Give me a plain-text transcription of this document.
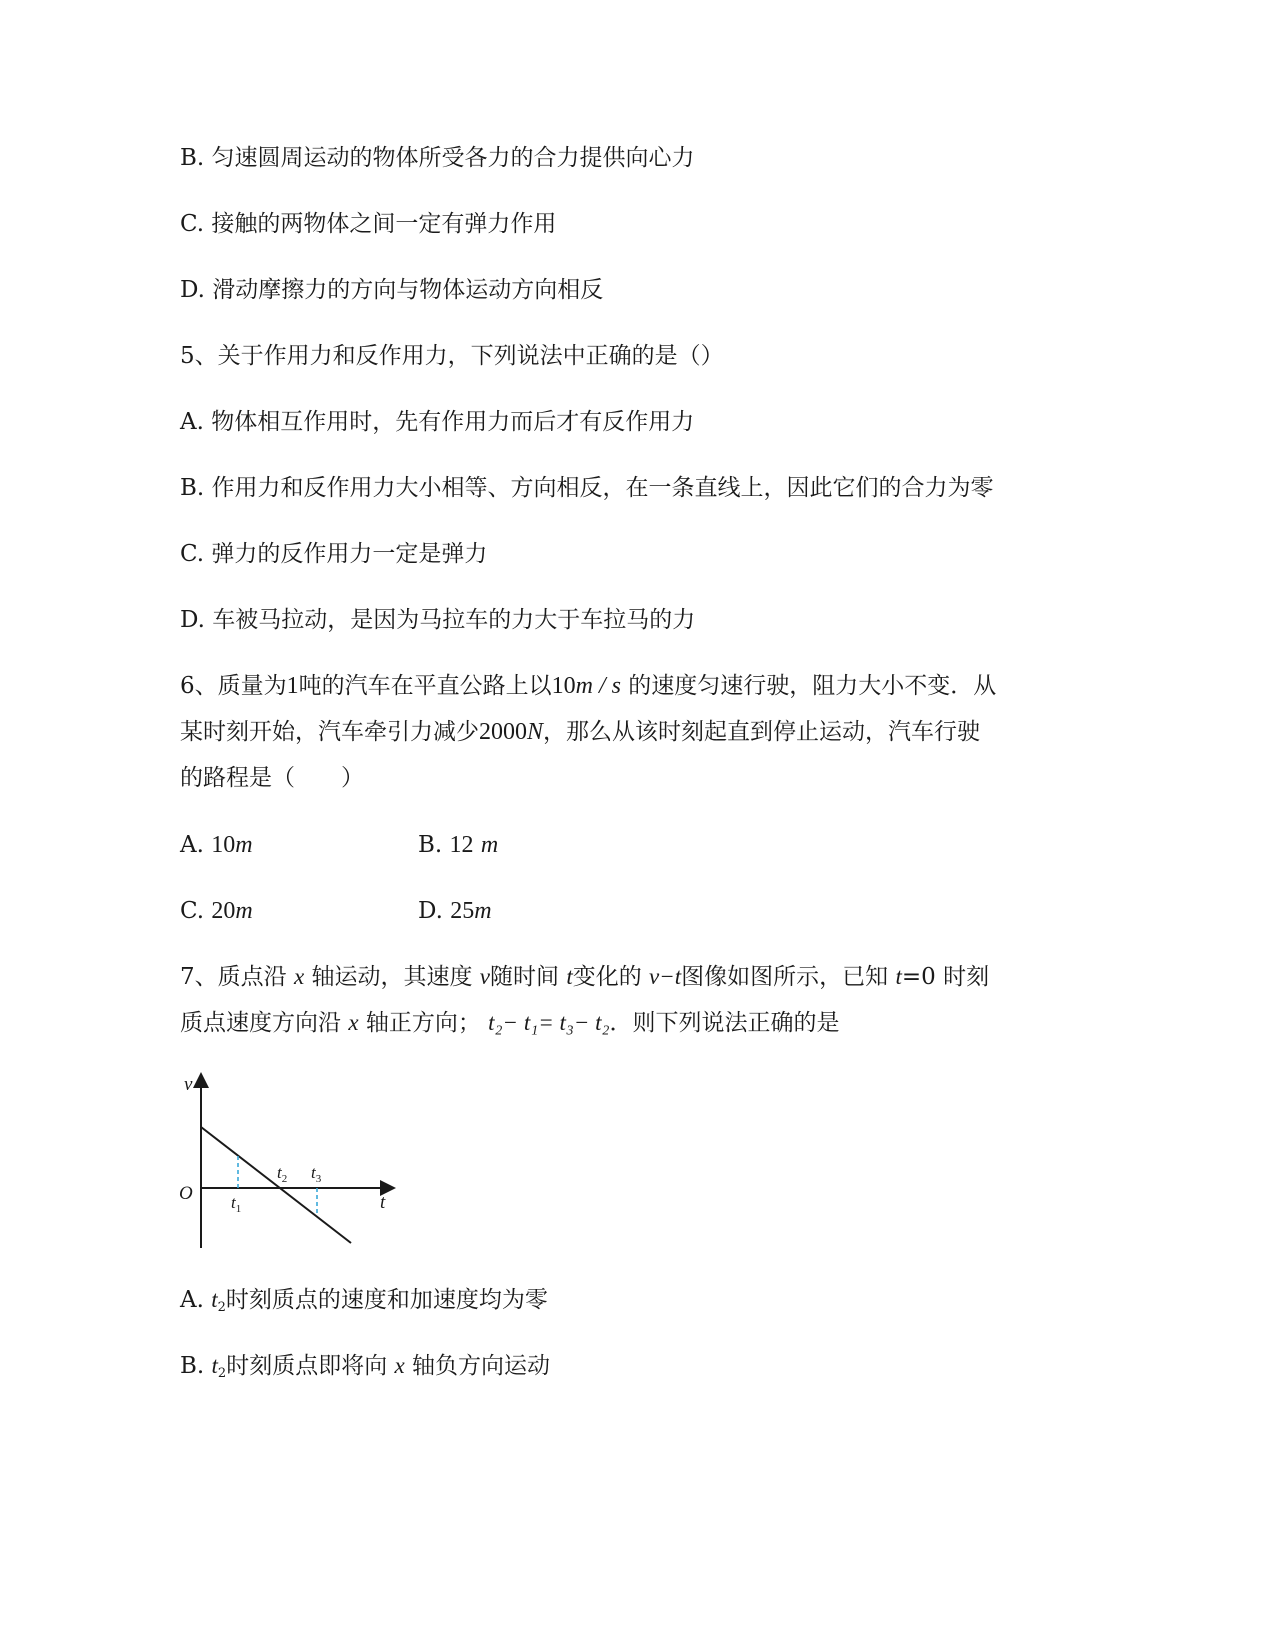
B. 匀速圆周运动的物体所受各力的合力提供向心力
C. 接触的两物体之间一定有弹力作用
D. 滑动摩擦力的方向与物体运动方向相反
5、关于作用力和反作用力，下列说法中正确的是（）
A. 物体相互作用时，先有作用力而后才有反作用力
B. 作用力和反作用力大小相等、方向相反，在一条直线上，因此它们的合力为零
C. 弹力的反作用力一定是弹力
D. 车被马拉动，是因为马拉车的力大于车拉马的力
6、质量为1吨的汽车在平直公路上以10m / s 的速度匀速行驶，阻力大小不变．从
某时刻开始，汽车牵引力减少2000N，那么从该时刻起直到停止运动，汽车行驶
的路程是（　　）
A. 10m	B. 12 m
C. 20m	D. 25m
7、质点沿 x 轴运动，其速度 v随时间 t变化的 v−t图像如图所示，已知 t=0 时刻
质点速度方向沿 x 轴正方向； t₂− t₁= t₃− t₂．则下列说法正确的是
v
t
O $t_1$
$t_2$ $t_3$
A. $t_2$时刻质点的速度和加速度均为零
B. $t_2$时刻质点即将向 x 轴负方向运动
